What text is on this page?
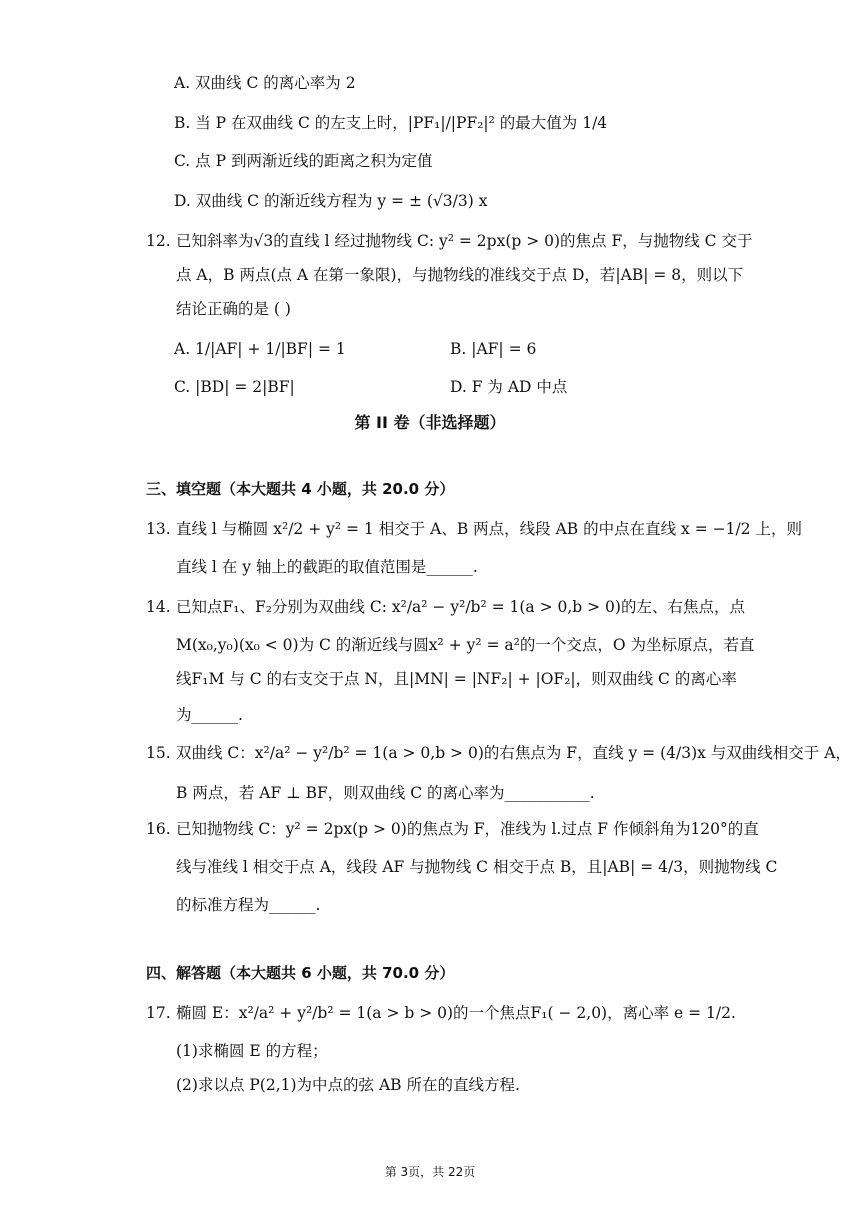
A. 双曲线 C 的离心率为 2
B. 当 P 在双曲线 C 的左支上时，|PF₁|/|PF₂|² 的最大值为 1/4
C. 点 P 到两渐近线的距离之积为定值
D. 双曲线 C 的渐近线方程为 y = ± (√3/3) x
12. 已知斜率为√3的直线 l 经过抛物线 C: y² = 2px(p > 0)的焦点 F，与抛物线 C 交于
点 A，B 两点(点 A 在第一象限)，与抛物线的准线交于点 D，若|AB| = 8，则以下
结论正确的是 ( )
A. 1/|AF| + 1/|BF| = 1	B. |AF| = 6
C. |BD| = 2|BF|	D. F 为 AD 中点
第 II 卷（非选择题）
三、填空题（本大题共 4 小题，共 20.0 分）
13. 直线 l 与椭圆 x²/2 + y² = 1 相交于 A、B 两点，线段 AB 的中点在直线 x = −1/2 上，则
直线 l 在 y 轴上的截距的取值范围是______.
14. 已知点F₁、F₂分别为双曲线 C: x²/a² − y²/b² = 1(a > 0,b > 0)的左、右焦点，点
M(x₀,y₀)(x₀ < 0)为 C 的渐近线与圆x² + y² = a²的一个交点，O 为坐标原点，若直
线F₁M 与 C 的右支交于点 N，且|MN| = |NF₂| + |OF₂|，则双曲线 C 的离心率
为______.
15. 双曲线 C：x²/a² − y²/b² = 1(a > 0,b > 0)的右焦点为 F，直线 y = (4/3)x 与双曲线相交于 A，
B 两点，若 AF ⊥ BF，则双曲线 C 的离心率为___________.
16. 已知抛物线 C：y² = 2px(p > 0)的焦点为 F，准线为 l.过点 F 作倾斜角为120°的直
线与准线 l 相交于点 A，线段 AF 与抛物线 C 相交于点 B，且|AB| = 4/3，则抛物线 C
的标准方程为______.
四、解答题（本大题共 6 小题，共 70.0 分）
17. 椭圆 E：x²/a² + y²/b² = 1(a > b > 0)的一个焦点F₁( − 2,0)，离心率 e = 1/2.
(1)求椭圆 E 的方程；
(2)求以点 P(2,1)为中点的弦 AB 所在的直线方程.
第 3页，共 22页
